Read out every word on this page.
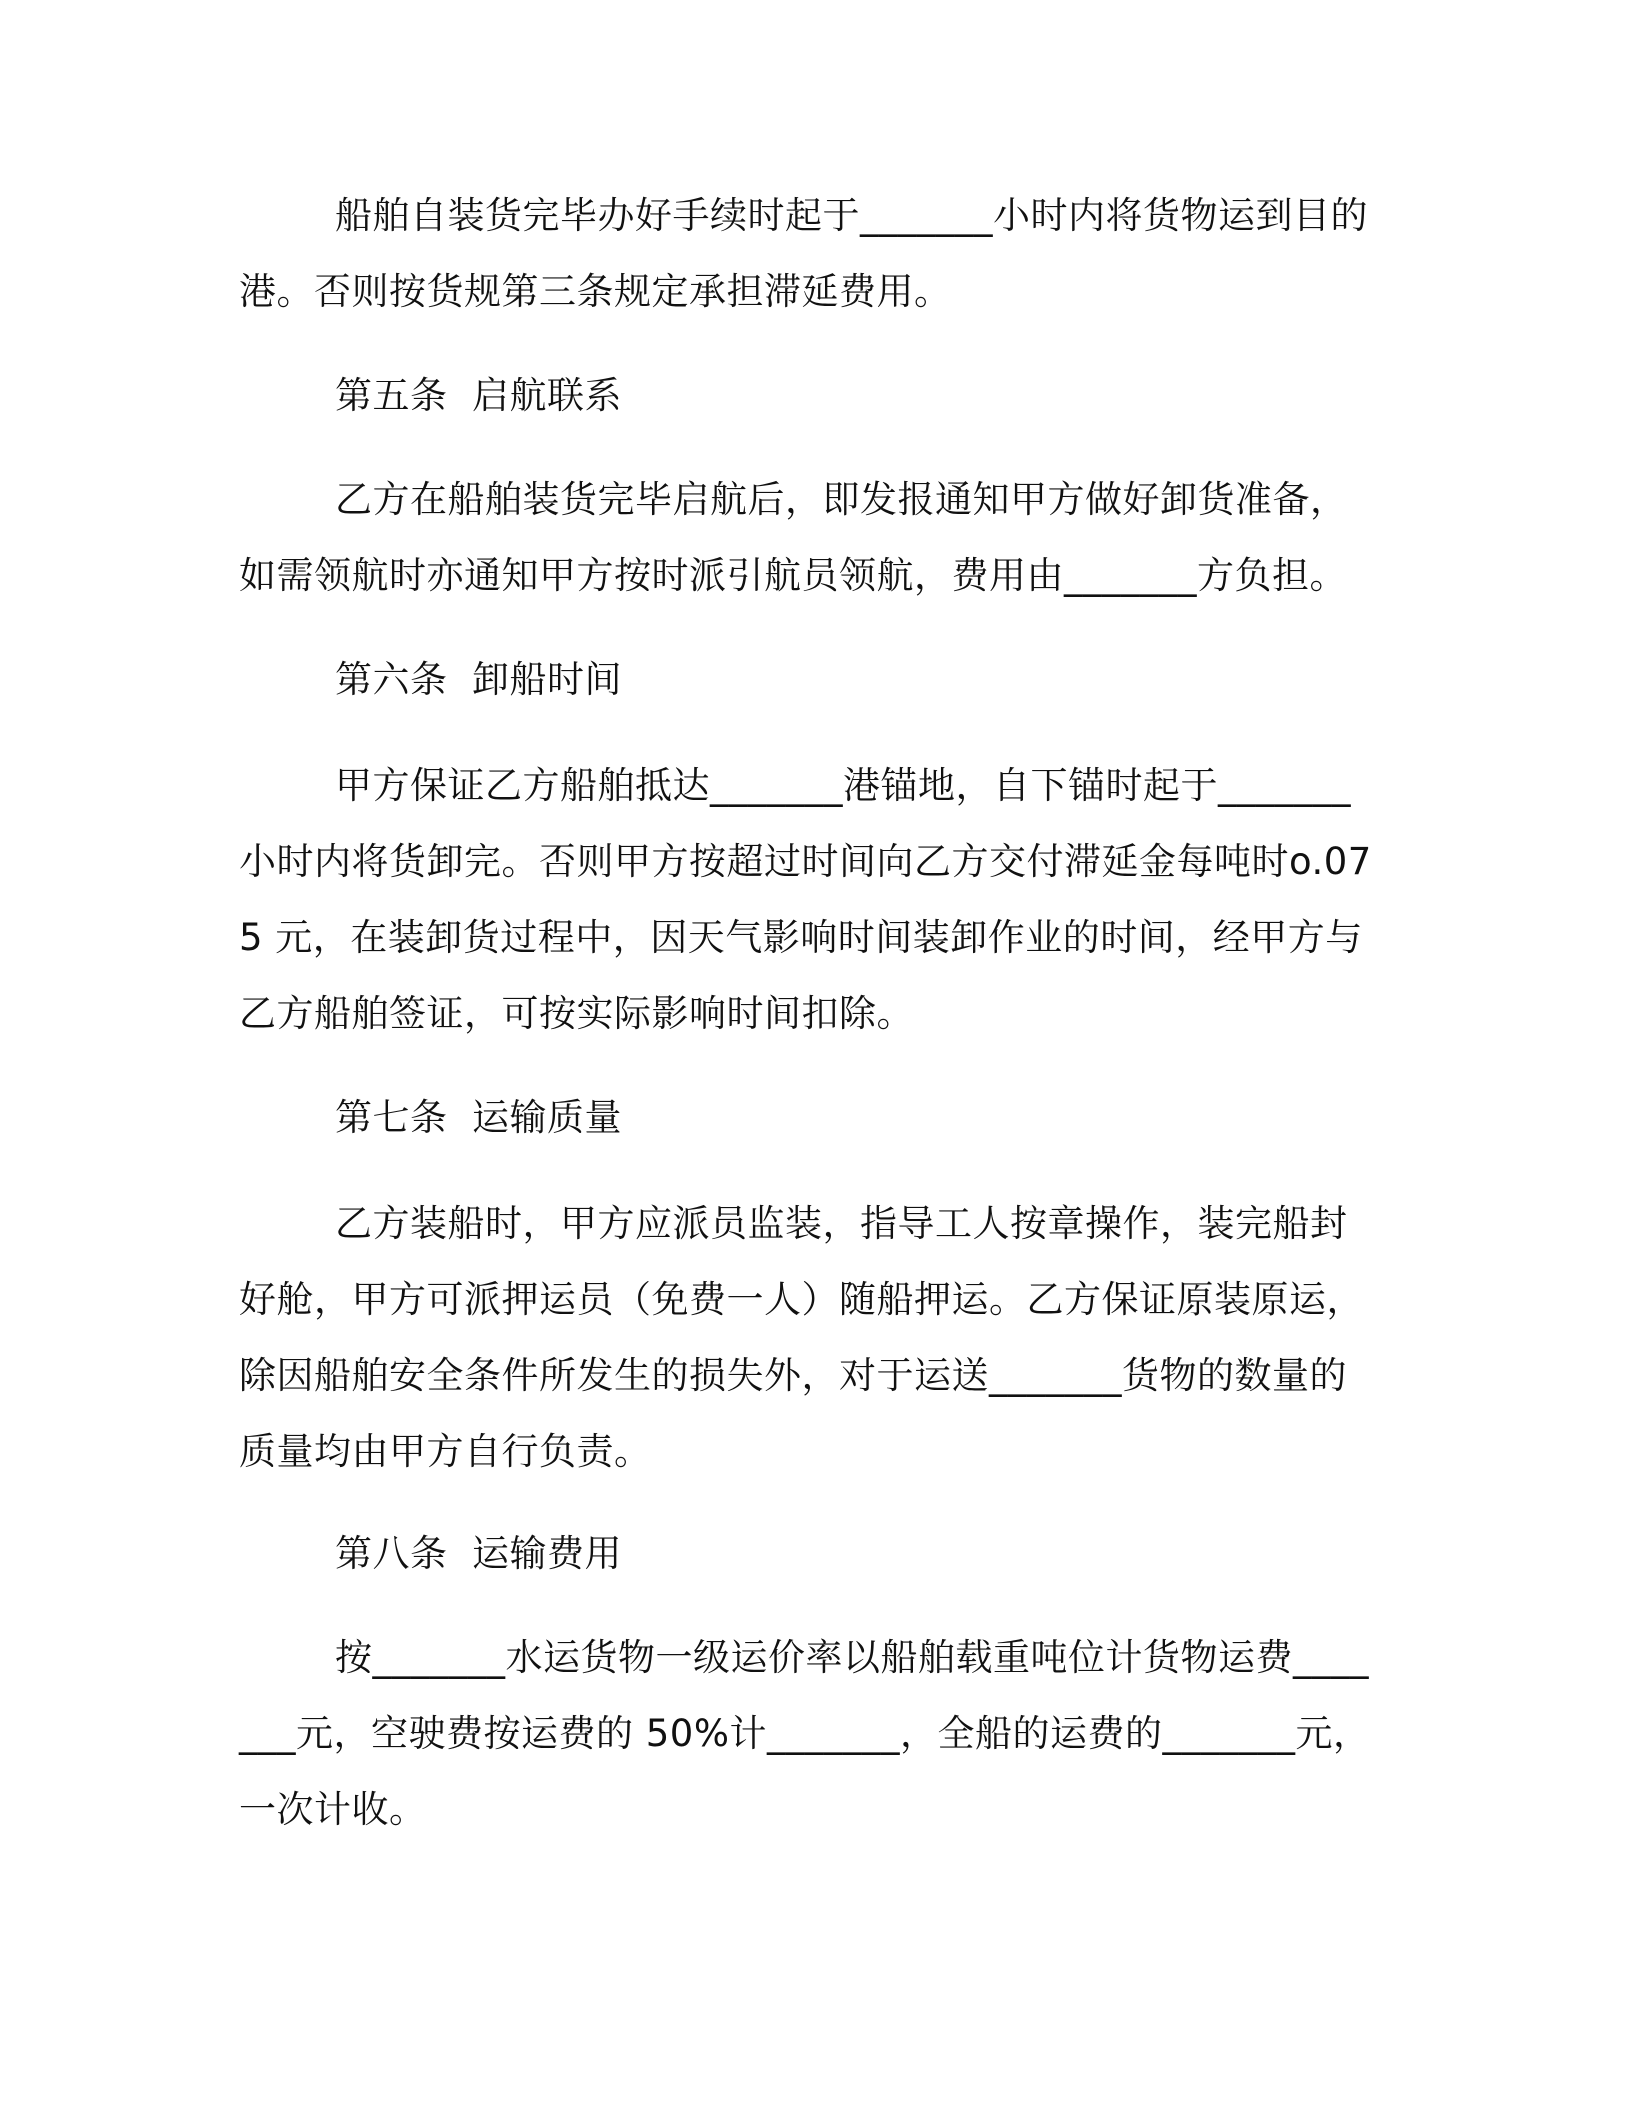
船舶自装货完毕办好手续时起于_______小时内将货物运到目的港。否则按货规第三条规定承担滞延费用。

第五条  启航联系

乙方在船舶装货完毕启航后，即发报通知甲方做好卸货准备，如需领航时亦通知甲方按时派引航员领航，费用由_______方负担。

第六条  卸船时间

甲方保证乙方船舶抵达_______港锚地，自下锚时起于_______小时内将货卸完。否则甲方按超过时间向乙方交付滞延金每吨时o.075 元，在装卸货过程中，因天气影响时间装卸作业的时间，经甲方与乙方船舶签证，可按实际影响时间扣除。

第七条  运输质量

乙方装船时，甲方应派员监装，指导工人按章操作，装完船封好舱，甲方可派押运员（免费一人）随船押运。乙方保证原装原运，除因船舶安全条件所发生的损失外，对于运送_______货物的数量的质量均由甲方自行负责。

第八条  运输费用

按_______水运货物一级运价率以船舶载重吨位计货物运费_______元，空驶费按运费的 50%计_______，全船的运费的_______元，一次计收。
